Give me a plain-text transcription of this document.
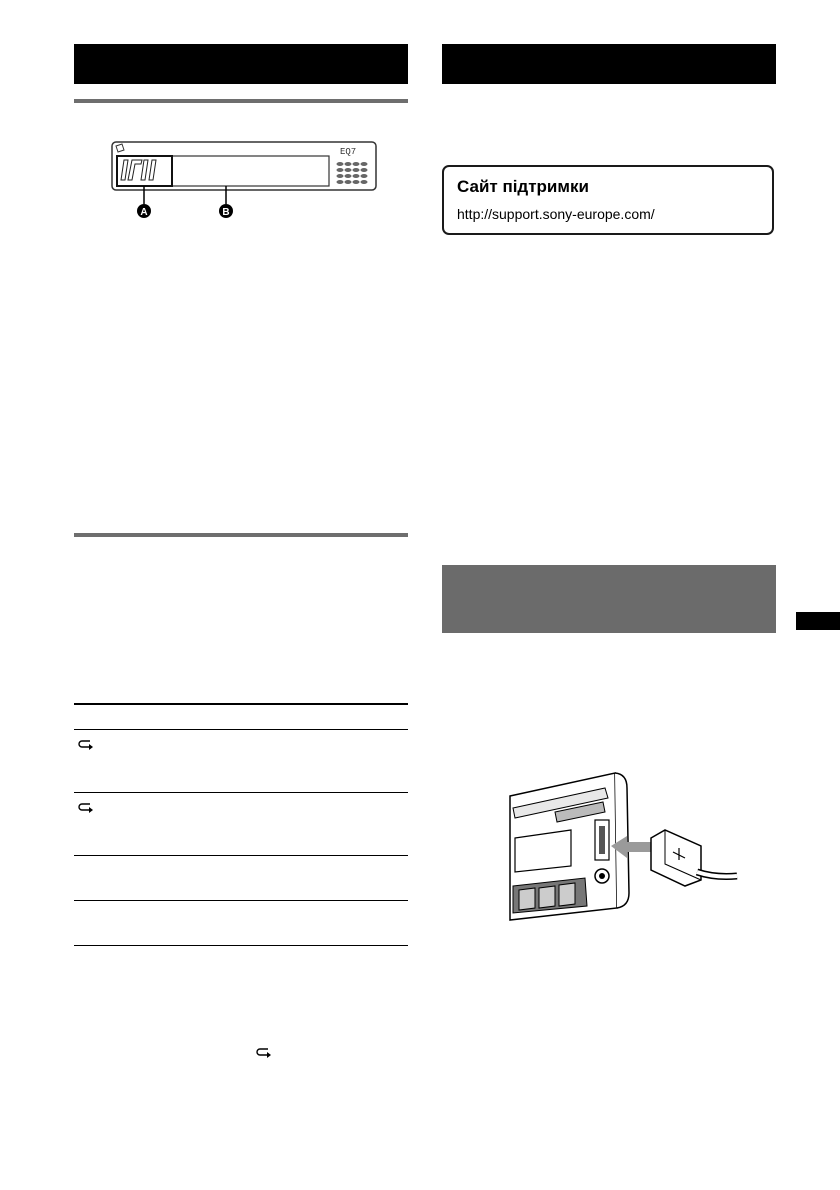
EQ7
A	B
Сайт підтримки
http://support.sony-europe.com/
